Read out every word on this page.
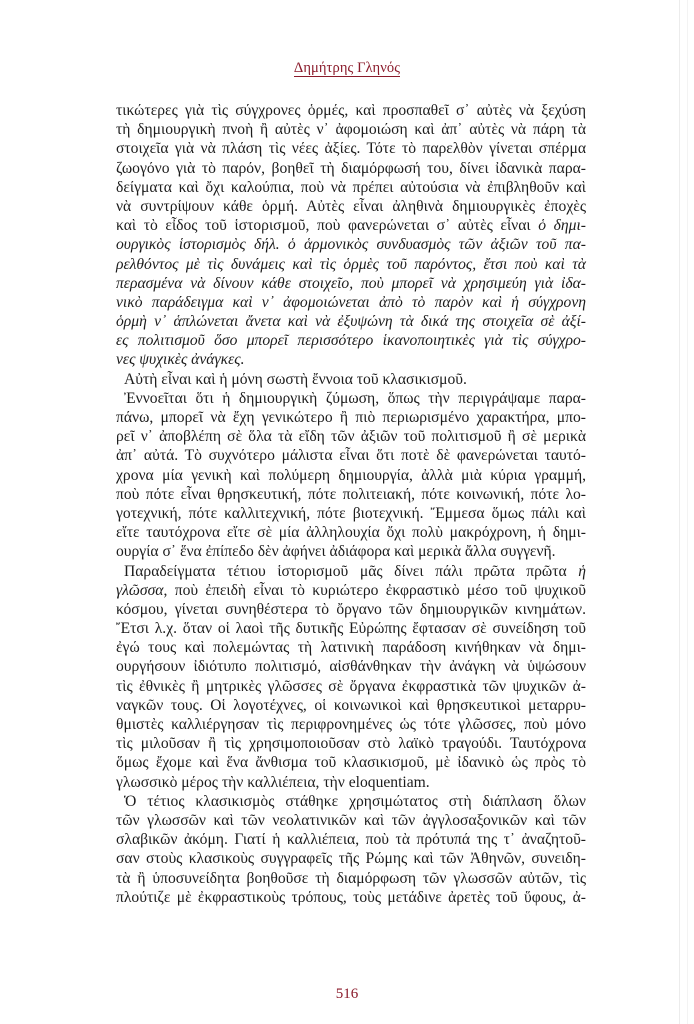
Δημήτρης Γληνός
τικώτερες γιὰ τὶς σύγχρονες ὁρμές, καὶ προσπαθεῖ σ᾽ αὐτὲς νὰ ξεχύση
τὴ δημιουργικὴ πνοὴ ἢ αὐτὲς ν᾽ ἀφομοιώση καὶ ἀπ᾽ αὐτὲς νὰ πάρη τὰ
στοιχεῖα γιὰ νὰ πλάση τὶς νέες ἀξίες. Τότε τὸ παρελθὸν γίνεται σπέρμα
ζωογόνο γιὰ τὸ παρόν, βοηθεῖ τὴ διαμόρφωσή του, δίνει ἰδανικὰ παρα-
δείγματα καὶ ὄχι καλούπια, ποὺ νὰ πρέπει αὐτούσια νὰ ἐπιβληθοῦν καὶ
νὰ συντρίψουν κάθε ὁρμή. Αὐτὲς εἶναι ἀληθινὰ δημιουργικὲς ἐποχὲς
καὶ τὸ εἶδος τοῦ ἱστορισμοῦ, ποὺ φανερώνεται σ᾽ αὐτὲς εἶναι ὁ δημι-
ουργικὸς ἱστορισμὸς δήλ. ὁ ἁρμονικὸς συνδυασμὸς τῶν ἀξιῶν τοῦ πα-
ρελθόντος μὲ τὶς δυνάμεις καὶ τὶς ὁρμὲς τοῦ παρόντος, ἔτσι ποὺ καὶ τὰ
περασμένα νὰ δίνουν κάθε στοιχεῖο, ποὺ μπορεῖ νὰ χρησιμεύη γιὰ ἰδα-
νικὸ παράδειγμα καὶ ν᾽ ἀφομοιώνεται ἀπὸ τὸ παρὸν καὶ ἡ σύγχρονη
ὁρμὴ ν᾽ ἁπλώνεται ἄνετα καὶ νὰ ἐξυψώνη τὰ δικά της στοιχεῖα σὲ ἀξί-
ες πολιτισμοῦ ὅσο μπορεῖ περισσότερο ἱκανοποιητικὲς γιὰ τὶς σύγχρο-
νες ψυχικὲς ἀνάγκες.
Αὐτὴ εἶναι καὶ ἡ μόνη σωστὴ ἔννοια τοῦ κλασικισμοῦ.
Ἐννοεῖται ὅτι ἡ δημιουργικὴ ζύμωση, ὅπως τὴν περιγράψαμε παρα-
πάνω, μπορεῖ νὰ ἔχη γενικώτερο ἢ πιὸ περιωρισμένο χαρακτήρα, μπο-
ρεῖ ν᾽ ἀποβλέπη σὲ ὅλα τὰ εἴδη τῶν ἀξιῶν τοῦ πολιτισμοῦ ἢ σὲ μερικὰ
ἀπ᾽ αὐτά. Τὸ συχνότερο μάλιστα εἶναι ὅτι ποτὲ δὲ φανερώνεται ταυτό-
χρονα μία γενικὴ καὶ πολύμερη δημιουργία, ἀλλὰ μιὰ κύρια γραμμή,
ποὺ πότε εἶναι θρησκευτική, πότε πολιτειακή, πότε κοινωνική, πότε λο-
γοτεχνική, πότε καλλιτεχνική, πότε βιοτεχνική. Ἔμμεσα ὅμως πάλι καὶ
εἴτε ταυτόχρονα εἴτε σὲ μία ἀλληλουχία ὄχι πολὺ μακρόχρονη, ἡ δημι-
ουργία σ᾽ ἕνα ἐπίπεδο δὲν ἀφήνει ἀδιάφορα καὶ μερικὰ ἄλλα συγγενῆ.
Παραδείγματα τέτιου ἱστορισμοῦ μᾶς δίνει πάλι πρῶτα πρῶτα ἡ
γλῶσσα, ποὺ ἐπειδὴ εἶναι τὸ κυριώτερο ἐκφραστικὸ μέσο τοῦ ψυχικοῦ
κόσμου, γίνεται συνηθέστερα τὸ ὄργανο τῶν δημιουργικῶν κινημάτων.
Ἔτσι λ.χ. ὅταν οἱ λαοὶ τῆς δυτικῆς Εὐρώπης ἔφτασαν σὲ συνείδηση τοῦ
ἐγώ τους καὶ πολεμώντας τὴ λατινικὴ παράδοση κινήθηκαν νὰ δημι-
ουργήσουν ἰδιότυπο πολιτισμό, αἰσθάνθηκαν τὴν ἀνάγκη νὰ ὑψώσουν
τὶς ἐθνικὲς ἢ μητρικὲς γλῶσσες σὲ ὄργανα ἐκφραστικὰ τῶν ψυχικῶν ἀ-
ναγκῶν τους. Οἱ λογοτέχνες, οἱ κοινωνικοὶ καὶ θρησκευτικοὶ μεταρρυ-
θμιστὲς καλλιέργησαν τὶς περιφρονημένες ὡς τότε γλῶσσες, ποὺ μόνο
τὶς μιλοῦσαν ἢ τὶς χρησιμοποιοῦσαν στὸ λαϊκὸ τραγούδι. Ταυτόχρονα
ὅμως ἔχομε καὶ ἕνα ἄνθισμα τοῦ κλασικισμοῦ, μὲ ἰδανικὸ ὡς πρὸς τὸ
γλωσσικὸ μέρος τὴν καλλιέπεια, τὴν eloquentiam.
Ὁ τέτιος κλασικισμὸς στάθηκε χρησιμώτατος στὴ διάπλαση ὅλων
τῶν γλωσσῶν καὶ τῶν νεολατινικῶν καὶ τῶν ἀγγλοσαξονικῶν καὶ τῶν
σλαβικῶν ἀκόμη. Γιατί ἡ καλλιέπεια, ποὺ τὰ πρότυπά της τ᾽ ἀναζητοῦ-
σαν στοὺς κλασικοὺς συγγραφεῖς τῆς Ρώμης καὶ τῶν Ἀθηνῶν, συνειδη-
τὰ ἢ ὑποσυνείδητα βοηθοῦσε τὴ διαμόρφωση τῶν γλωσσῶν αὐτῶν, τὶς
πλούτιζε μὲ ἐκφραστικοὺς τρόπους, τοὺς μετάδινε ἀρετὲς τοῦ ὕφους, ἀ-
516
